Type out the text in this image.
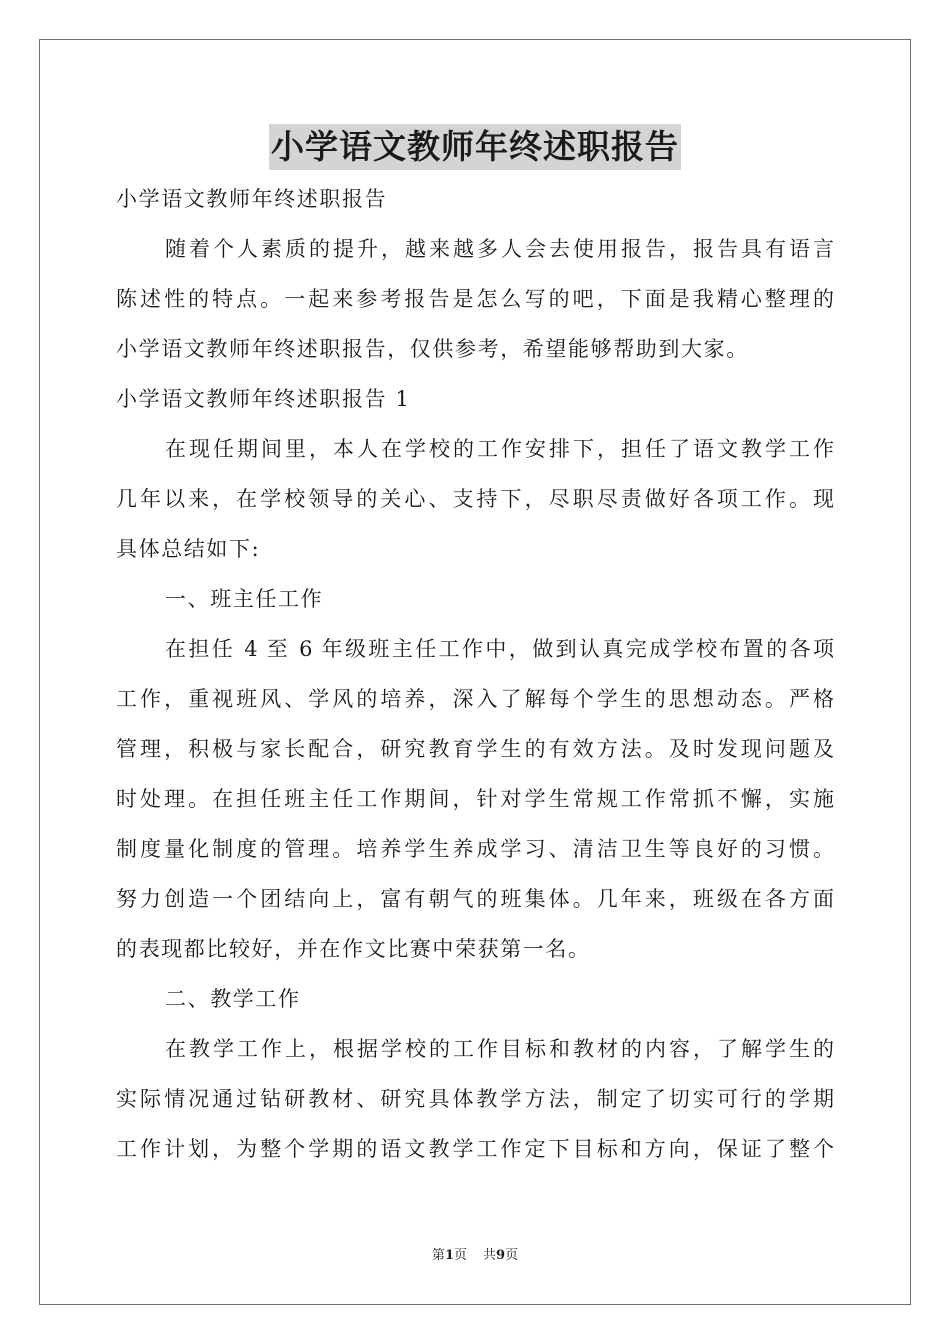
小学语文教师年终述职报告
小学语文教师年终述职报告
随着个人素质的提升，越来越多人会去使用报告，报告具有语言
陈述性的特点。一起来参考报告是怎么写的吧，下面是我精心整理的
小学语文教师年终述职报告，仅供参考，希望能够帮助到大家。
小学语文教师年终述职报告 1
在现任期间里，本人在学校的工作安排下，担任了语文教学工作
几年以来，在学校领导的关心、支持下，尽职尽责做好各项工作。现
具体总结如下:
一、班主任工作
在担任 4 至 6 年级班主任工作中，做到认真完成学校布置的各项
工作，重视班风、学风的培养，深入了解每个学生的思想动态。严格
管理，积极与家长配合，研究教育学生的有效方法。及时发现问题及
时处理。在担任班主任工作期间，针对学生常规工作常抓不懈，实施
制度量化制度的管理。培养学生养成学习、清洁卫生等良好的习惯。
努力创造一个团结向上，富有朝气的班集体。几年来，班级在各方面
的表现都比较好，并在作文比赛中荣获第一名。
二、教学工作
在教学工作上，根据学校的工作目标和教材的内容，了解学生的
实际情况通过钻研教材、研究具体教学方法，制定了切实可行的学期
工作计划，为整个学期的语文教学工作定下目标和方向，保证了整个
第1页 共9页
